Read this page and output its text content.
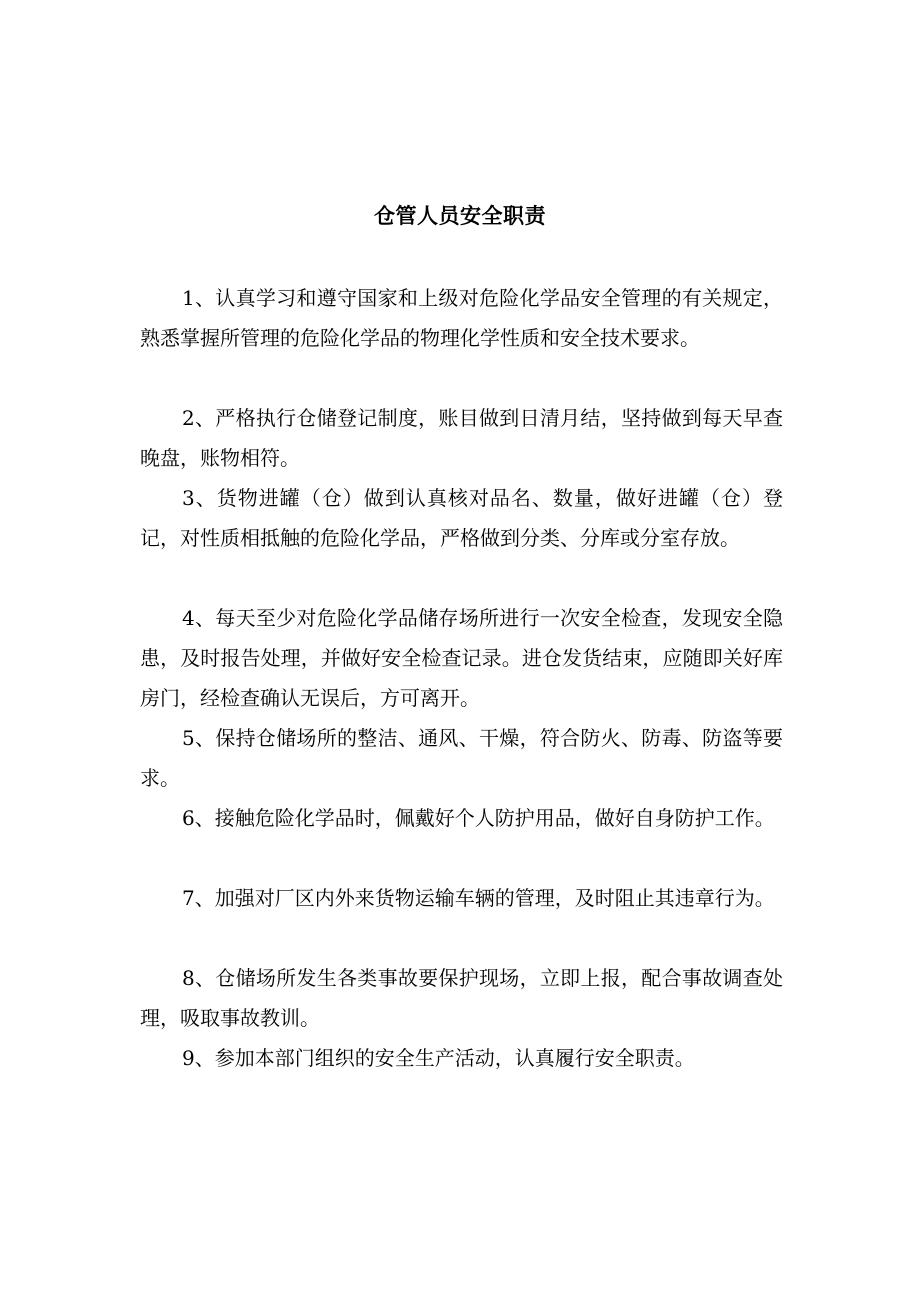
仓管人员安全职责

1、认真学习和遵守国家和上级对危险化学品安全管理的有关规定，熟悉掌握所管理的危险化学品的物理化学性质和安全技术要求。

2、严格执行仓储登记制度，账目做到日清月结，坚持做到每天早查晚盘，账物相符。

3、货物进罐（仓）做到认真核对品名、数量，做好进罐（仓）登记，对性质相抵触的危险化学品，严格做到分类、分库或分室存放。

4、每天至少对危险化学品储存场所进行一次安全检查，发现安全隐患，及时报告处理，并做好安全检查记录。进仓发货结束，应随即关好库房门，经检查确认无误后，方可离开。

5、保持仓储场所的整洁、通风、干燥，符合防火、防毒、防盗等要求。

6、接触危险化学品时，佩戴好个人防护用品，做好自身防护工作。

7、加强对厂区内外来货物运输车辆的管理，及时阻止其违章行为。

8、仓储场所发生各类事故要保护现场，立即上报，配合事故调查处理，吸取事故教训。

9、参加本部门组织的安全生产活动，认真履行安全职责。
